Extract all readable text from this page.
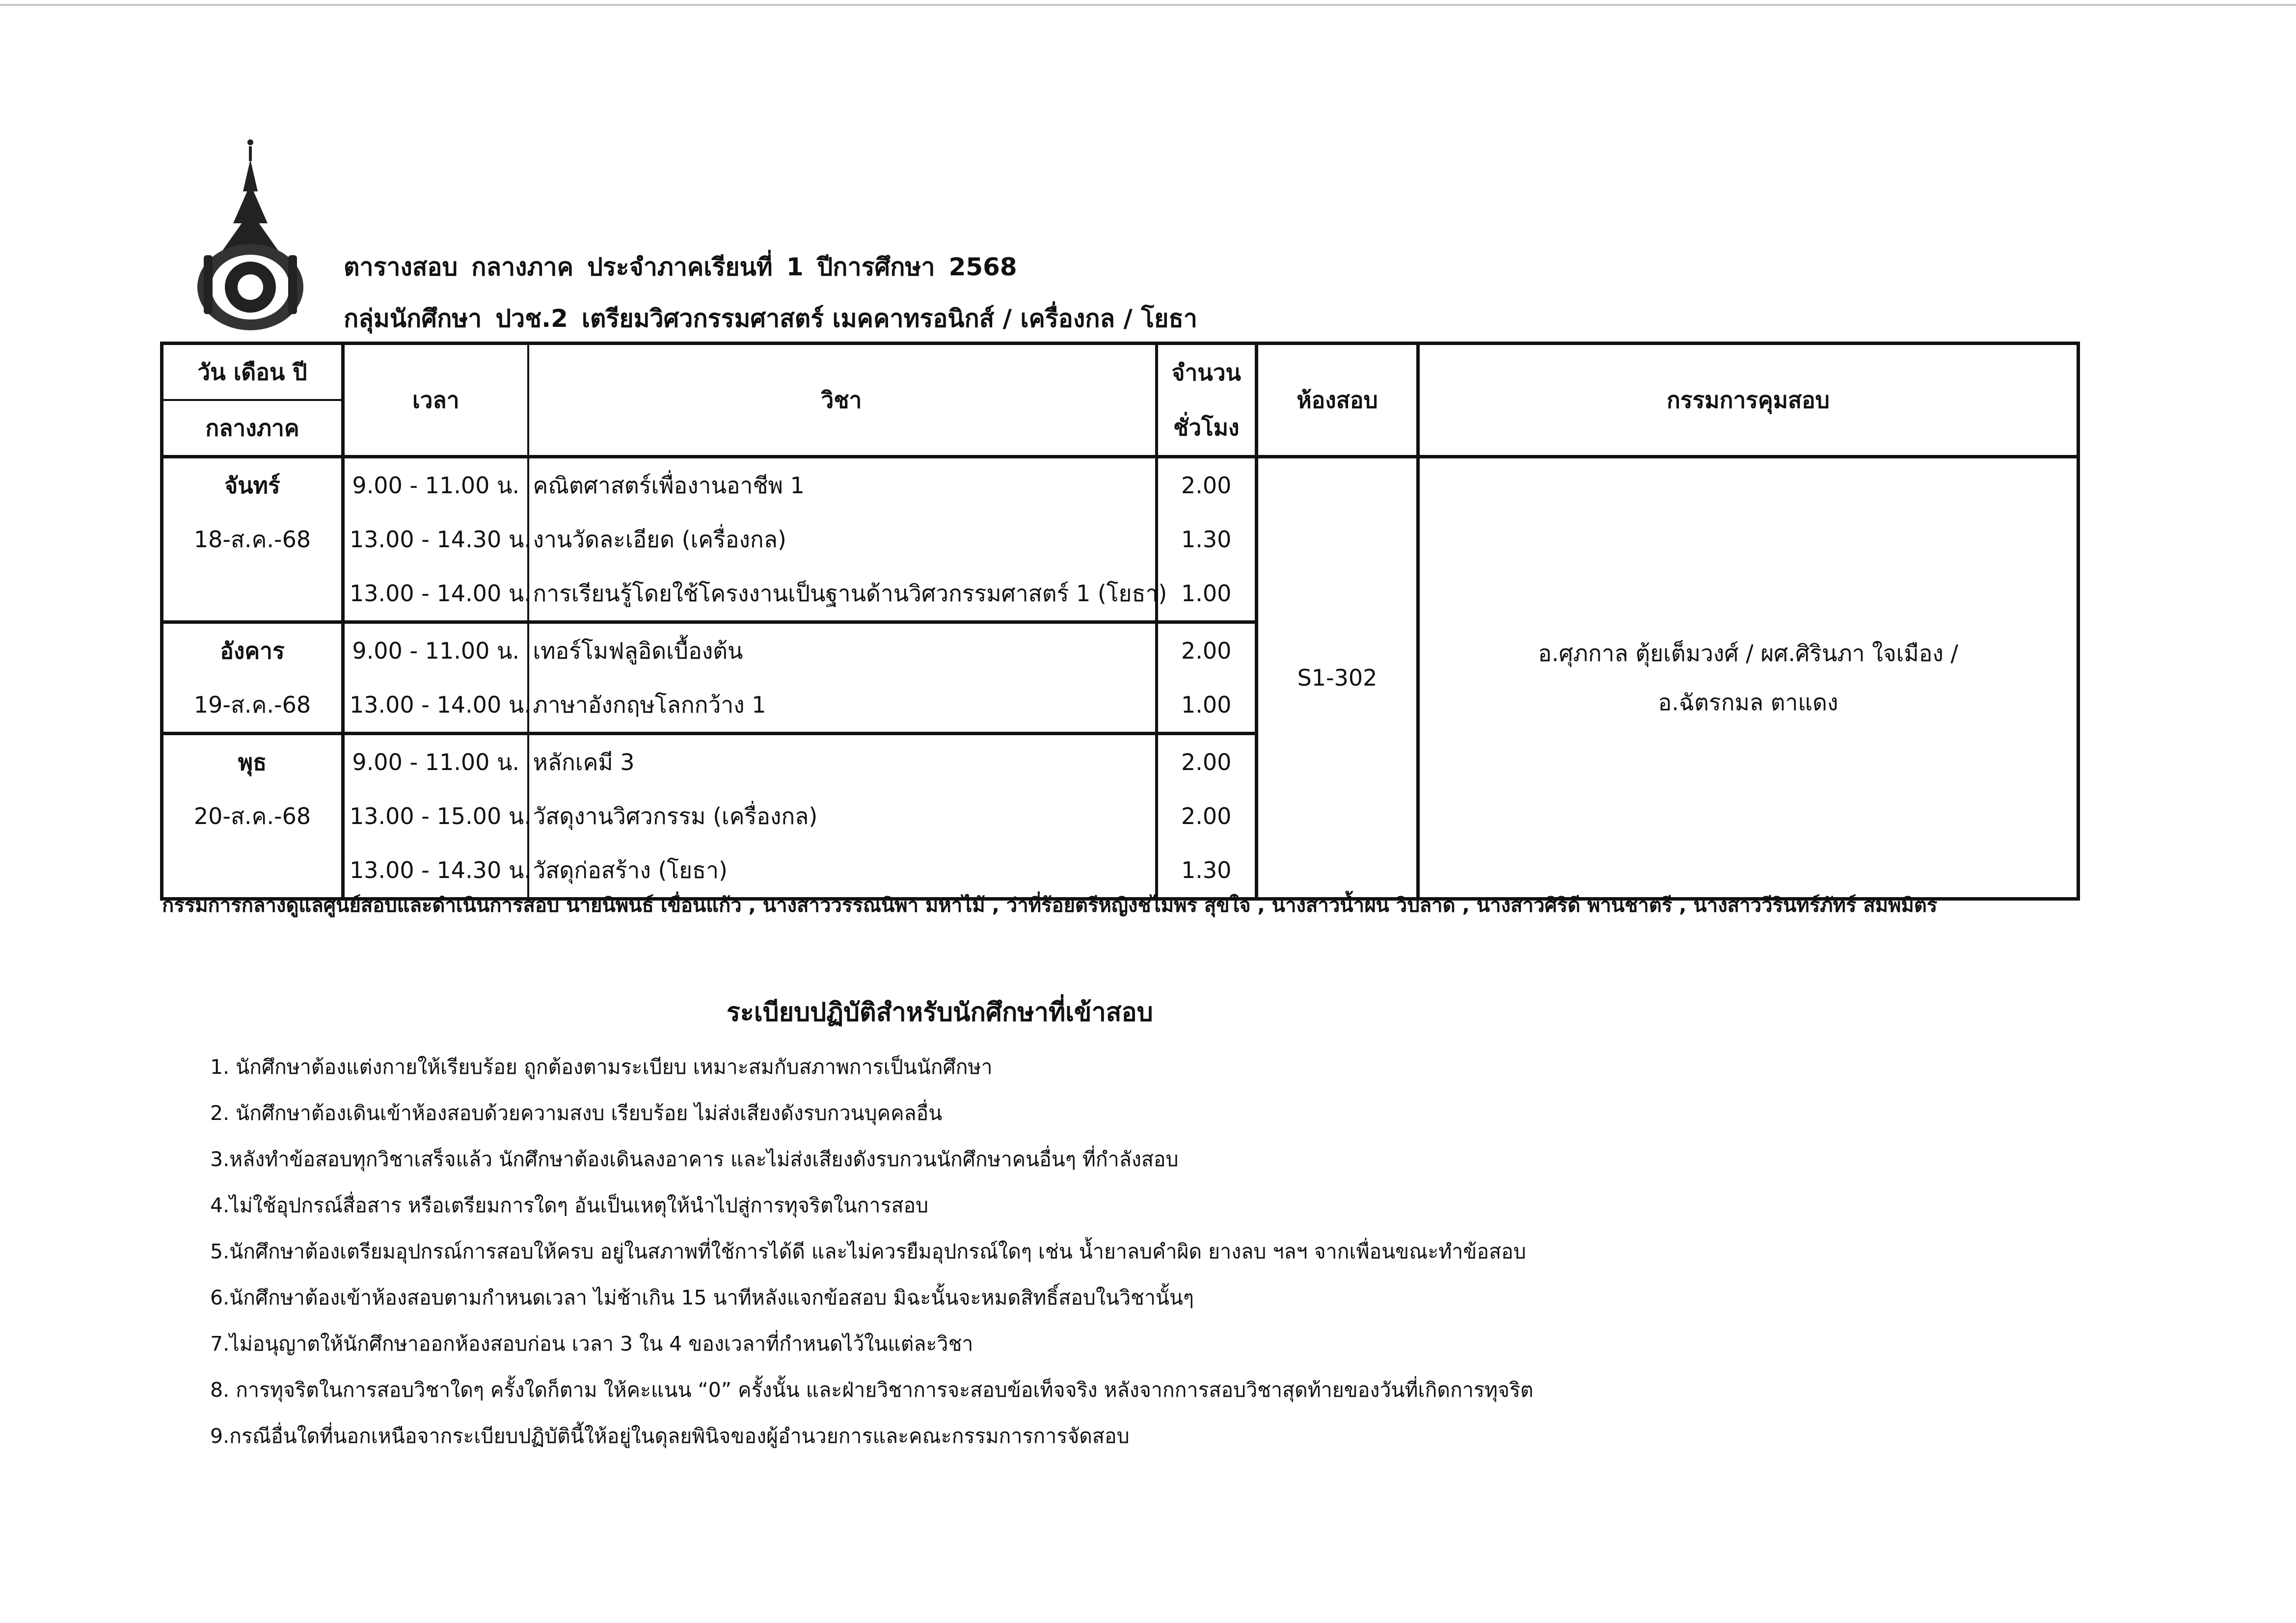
ตารางสอบ กลางภาค ประจำภาคเรียนที่ 1 ปีการศึกษา 2568
กลุ่มนักศึกษา ปวช.2 เตรียมวิศวกรรมศาสตร์ เมคคาทรอนิกส์ / เครื่องกล / โยธา
วัน เดือน ปี	เวลา	วิชา	จำนวน	ห้องสอบ	กรรมการคุมสอบ
กลางภาค			ชั่วโมง		
จันทร์	9.00 - 11.00 น.	คณิตศาสตร์เพื่องานอาชีพ 1	2.00	S1-302	อ.ศุภกาล ตุ้ยเต็มวงศ์ / ผศ.ศิรินภา ใจเมือง /
อ.ฉัตรกมล ตาแดง

18-ส.ค.-68	13.00 - 14.30 น.	งานวัดละเอียด (เครื่องกล)	1.30		
	13.00 - 14.00 น.	การเรียนรู้โดยใช้โครงงานเป็นฐานด้านวิศวกรรมศาสตร์ 1 (โยธา)	1.00		
อังคาร	9.00 - 11.00 น.	เทอร์โมฟลูอิดเบื้องต้น	2.00		
19-ส.ค.-68	13.00 - 14.00 น.	ภาษาอังกฤษโลกกว้าง 1	1.00		
พุธ	9.00 - 11.00 น.	หลักเคมี 3	2.00		
20-ส.ค.-68	13.00 - 15.00 น.	วัสดุงานวิศวกรรม (เครื่องกล)	2.00		
	13.00 - 14.30 น.	วัสดุก่อสร้าง (โยธา)	1.30		
กรรมการกลางดูแลศูนย์สอบและดำเนินการสอบ นายนิพนธ์ เขื่อนแก้ว , นางสาววรรณนิพา มหาไม้ , ว่าที่ร้อยตรีหญิงชไมพร สุขใจ , นางสาวน้ำฝน วิปลาด , นางสาวศิริดี พานชาตรี , นางสาววีรินทร์ภัทร์ สมพมิตร
ระเบียบปฏิบัติสำหรับนักศึกษาที่เข้าสอบ
1. นักศึกษาต้องแต่งกายให้เรียบร้อย ถูกต้องตามระเบียบ เหมาะสมกับสภาพการเป็นนักศึกษา
2. นักศึกษาต้องเดินเข้าห้องสอบด้วยความสงบ เรียบร้อย ไม่ส่งเสียงดังรบกวนบุคคลอื่น
3.หลังทำข้อสอบทุกวิชาเสร็จแล้ว นักศึกษาต้องเดินลงอาคาร และไม่ส่งเสียงดังรบกวนนักศึกษาคนอื่นๆ ที่กำลังสอบ
4.ไม่ใช้อุปกรณ์สื่อสาร หรือเตรียมการใดๆ อันเป็นเหตุให้นำไปสู่การทุจริตในการสอบ
5.นักศึกษาต้องเตรียมอุปกรณ์การสอบให้ครบ อยู่ในสภาพที่ใช้การได้ดี และไม่ควรยืมอุปกรณ์ใดๆ เช่น น้ำยาลบคำผิด ยางลบ ฯลฯ จากเพื่อนขณะทำข้อสอบ
6.นักศึกษาต้องเข้าห้องสอบตามกำหนดเวลา ไม่ช้าเกิน 15 นาทีหลังแจกข้อสอบ มิฉะนั้นจะหมดสิทธิ์สอบในวิชานั้นๆ
7.ไม่อนุญาตให้นักศึกษาออกห้องสอบก่อน เวลา 3 ใน 4 ของเวลาที่กำหนดไว้ในแต่ละวิชา
8. การทุจริตในการสอบวิชาใดๆ ครั้งใดก็ตาม ให้คะแนน “0” ครั้งนั้น และฝ่ายวิชาการจะสอบข้อเท็จจริง หลังจากการสอบวิชาสุดท้ายของวันที่เกิดการทุจริต
9.กรณีอื่นใดที่นอกเหนือจากระเบียบปฏิบัตินี้ให้อยู่ในดุลยพินิจของผู้อำนวยการและคณะกรรมการการจัดสอบ
